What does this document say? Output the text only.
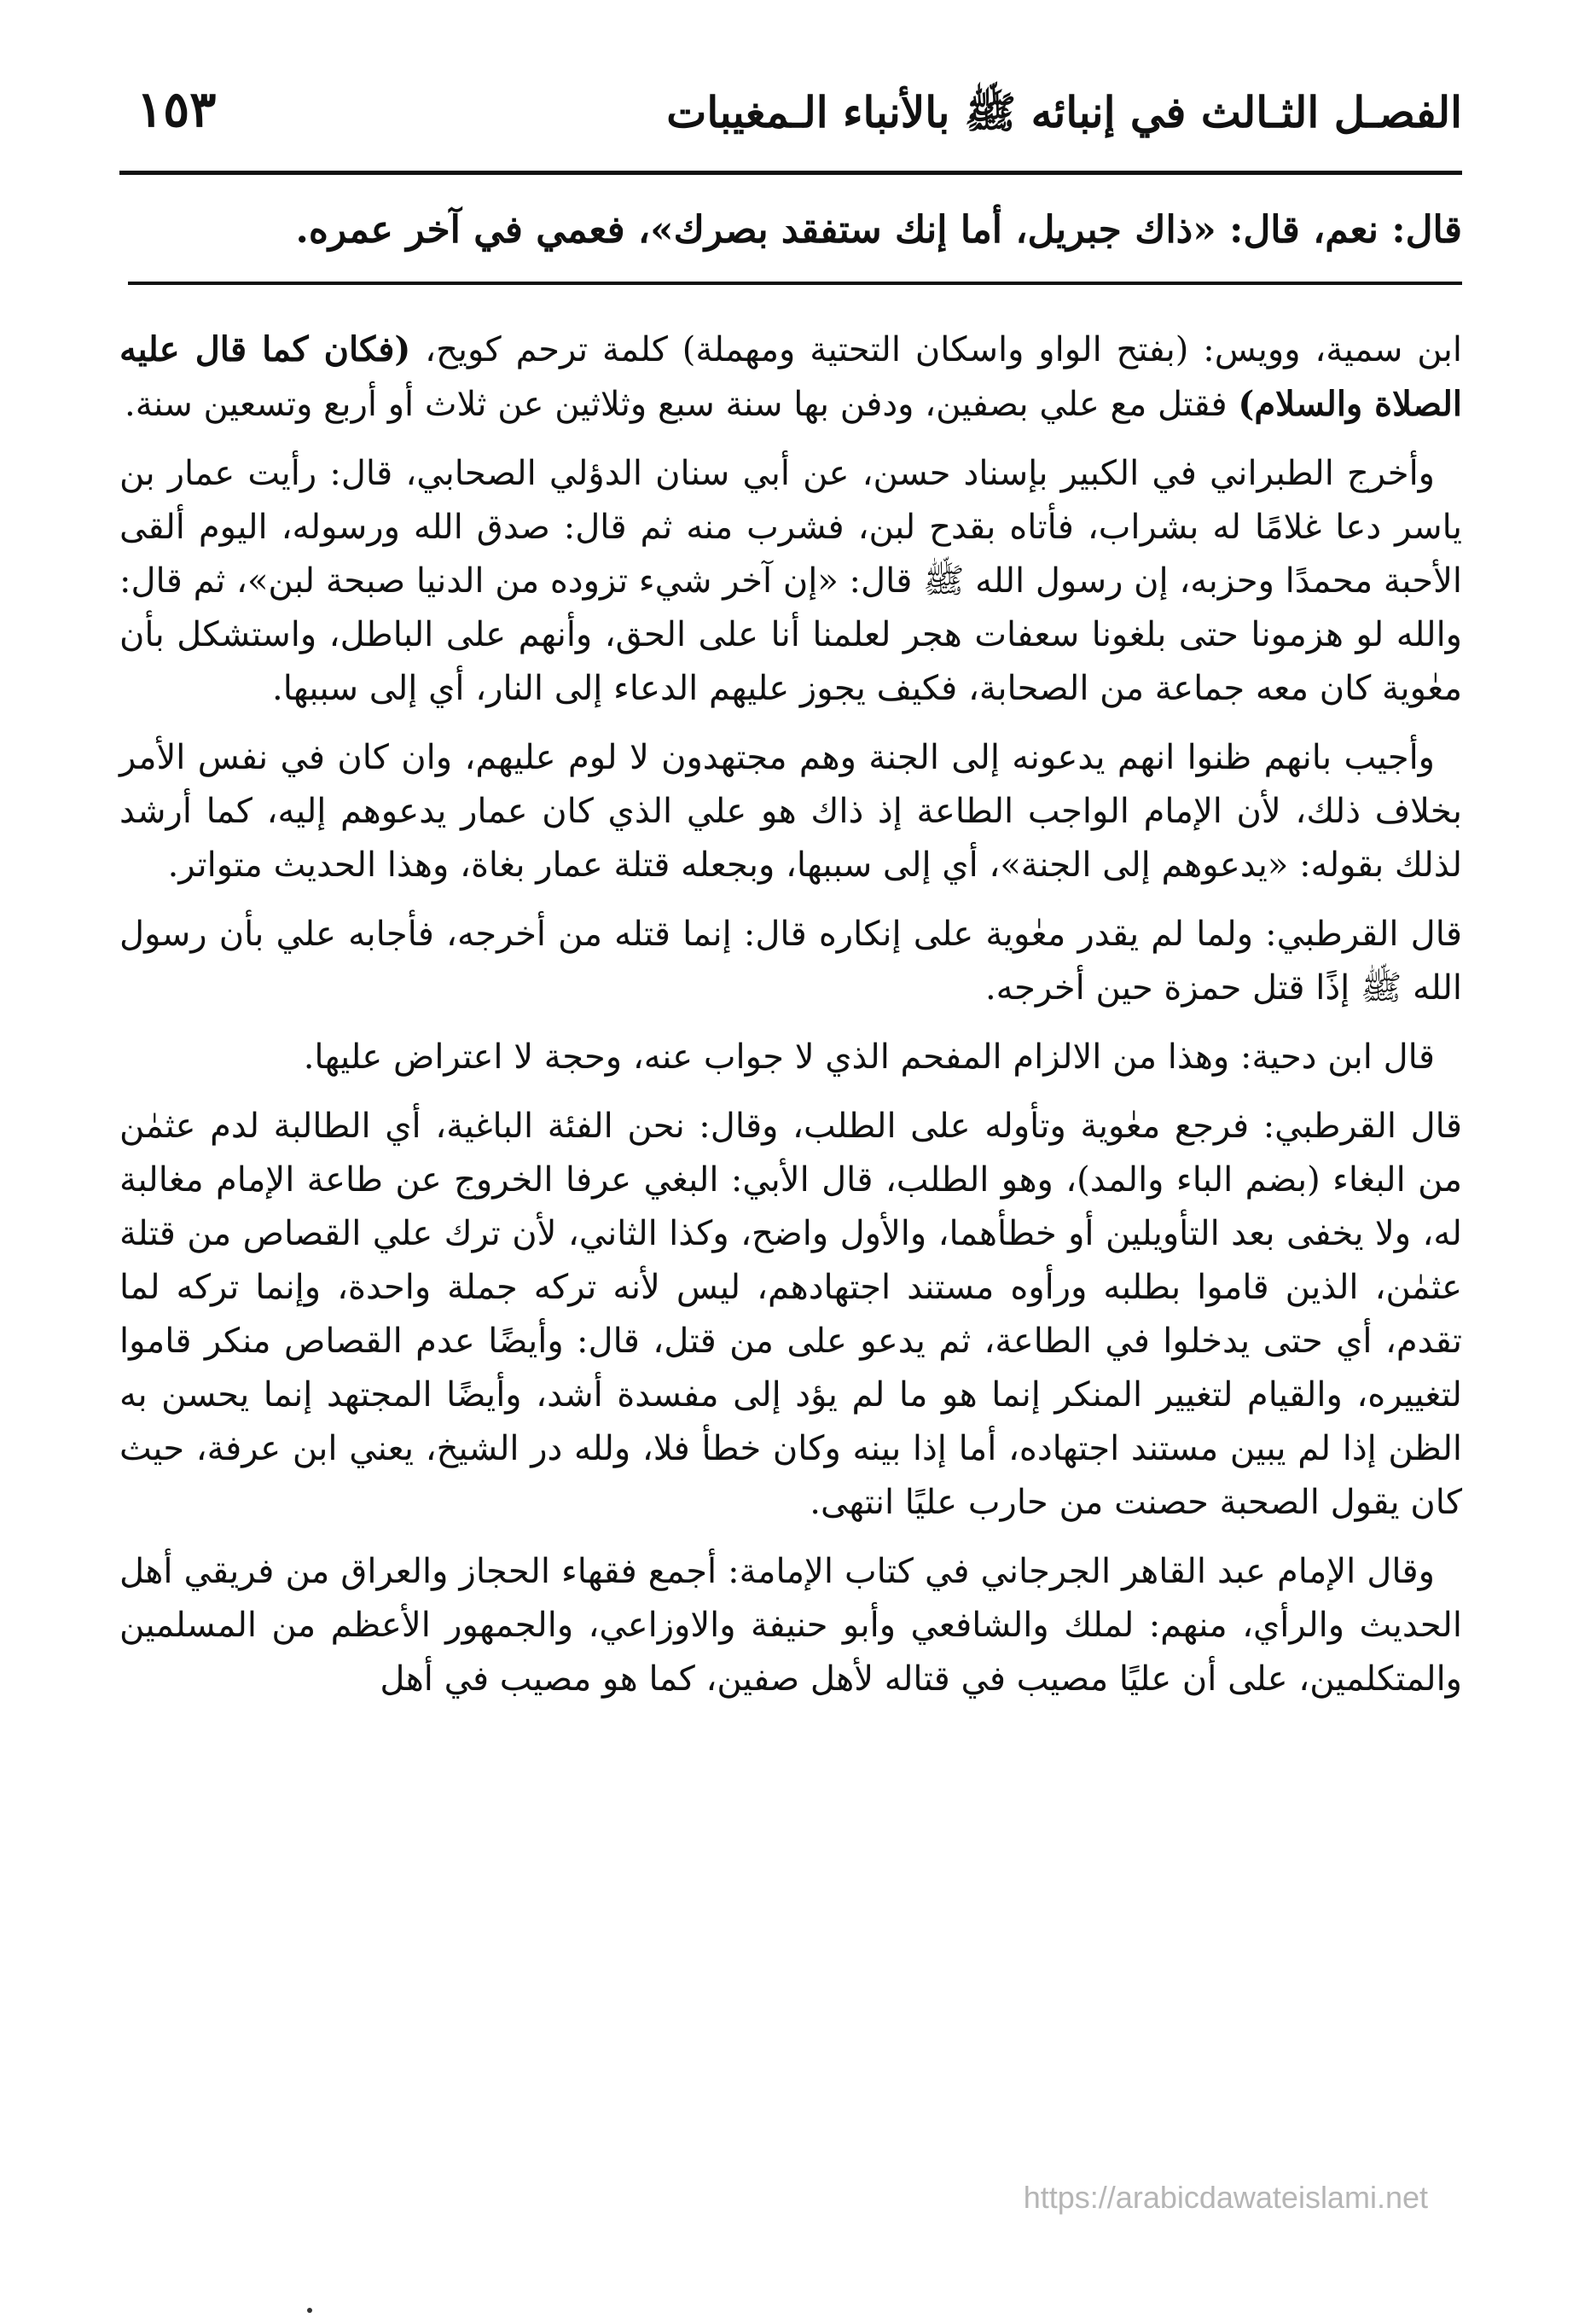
الفصـل الثـالث في إنبائه ﷺ بالأنباء الـمغيبات
١٥٣
قال: نعم، قال: «ذاك جبريل، أما إنك ستفقد بصرك»، فعمي في آخر عمره.

ابن سمية، وويس: (بفتح الواو واسكان التحتية ومهملة) كلمة ترحم كويح، (فكان كما قال عليه الصلاة والسلام) فقتل مع علي بصفين، ودفن بها سنة سبع وثلاثين عن ثلاث أو أربع وتسعين سنة.

وأخرج الطبراني في الكبير بإسناد حسن، عن أبي سنان الدؤلي الصحابي، قال: رأيت عمار بن ياسر دعا غلامًا له بشراب، فأتاه بقدح لبن، فشرب منه ثم قال: صدق الله ورسوله، اليوم ألقى الأحبة محمدًا وحزبه، إن رسول الله ﷺ قال: «إن آخر شيء تزوده من الدنيا صبحة لبن»، ثم قال: والله لو هزمونا حتى بلغونا سعفات هجر لعلمنا أنا على الحق، وأنهم على الباطل، واستشكل بأن معٰوية كان معه جماعة من الصحابة، فكيف يجوز عليهم الدعاء إلى النار، أي إلى سببها.

وأجيب بانهم ظنوا انهم يدعونه إلى الجنة وهم مجتهدون لا لوم عليهم، وان كان في نفس الأمر بخلاف ذلك، لأن الإمام الواجب الطاعة إذ ذاك هو علي الذي كان عمار يدعوهم إليه، كما أرشد لذلك بقوله: «يدعوهم إلى الجنة»، أي إلى سببها، وبجعله قتلة عمار بغاة، وهذا الحديث متواتر.

قال القرطبي: ولما لم يقدر معٰوية على إنكاره قال: إنما قتله من أخرجه، فأجابه علي بأن رسول الله ﷺ إذًا قتل حمزة حين أخرجه.

قال ابن دحية: وهذا من الالزام المفحم الذي لا جواب عنه، وحجة لا اعتراض عليها.

قال القرطبي: فرجع معٰوية وتأوله على الطلب، وقال: نحن الفئة الباغية، أي الطالبة لدم عثمٰن من البغاء (بضم الباء والمد)، وهو الطلب، قال الأبي: البغي عرفا الخروج عن طاعة الإمام مغالبة له، ولا يخفى بعد التأويلين أو خطأهما، والأول واضح، وكذا الثاني، لأن ترك علي القصاص من قتلة عثمٰن، الذين قاموا بطلبه ورأوه مستند اجتهادهم، ليس لأنه تركه جملة واحدة، وإنما تركه لما تقدم، أي حتى يدخلوا في الطاعة، ثم يدعو على من قتل، قال: وأيضًا عدم القصاص منكر قاموا لتغييره، والقيام لتغيير المنكر إنما هو ما لم يؤد إلى مفسدة أشد، وأيضًا المجتهد إنما يحسن به الظن إذا لم يبين مستند اجتهاده، أما إذا بينه وكان خطأ فلا، ولله در الشيخ، يعني ابن عرفة، حيث كان يقول الصحبة حصنت من حارب عليًا انتهى.

وقال الإمام عبد القاهر الجرجاني في كتاب الإمامة: أجمع فقهاء الحجاز والعراق من فريقي أهل الحديث والرأي، منهم: لملك والشافعي وأبو حنيفة والاوزاعي، والجمهور الأعظم من المسلمين والمتكلمين، على أن عليًا مصيب في قتاله لأهل صفين، كما هو مصيب في أهل

https://arabicdawateislami.net
